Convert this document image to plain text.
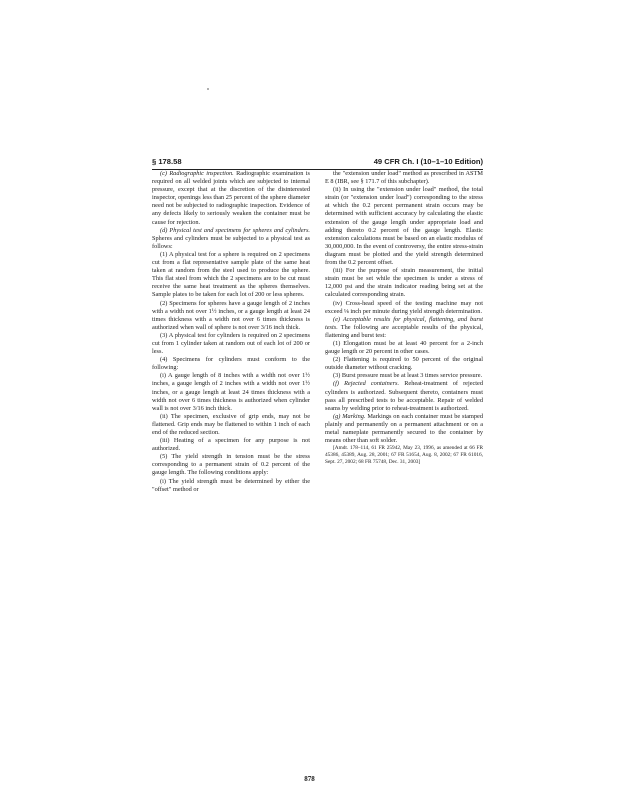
§ 178.58	49 CFR Ch. I (10–1–10 Edition)

(c) Radiographic inspection. Radiographic examination is required on all welded joints which are subjected to internal pressure, except that at the discretion of the disinterested inspector, openings less than 25 percent of the sphere diameter need not be subjected to radiographic inspection. Evidence of any defects likely to seriously weaken the container must be cause for rejection.

(d) Physical test and specimens for spheres and cylinders. Spheres and cylinders must be subjected to a physical test as follows:

(1) A physical test for a sphere is required on 2 specimens cut from a flat representative sample plate of the same heat taken at random from the steel used to produce the sphere. This flat steel from which the 2 specimens are to be cut must receive the same heat treatment as the spheres themselves. Sample plates to be taken for each lot of 200 or less spheres.

(2) Specimens for spheres have a gauge length of 2 inches with a width not over 1½ inches, or a gauge length at least 24 times thickness with a width not over 6 times thickness is authorized when wall of sphere is not over 3/16 inch thick.

(3) A physical test for cylinders is required on 2 specimens cut from 1 cylinder taken at random out of each lot of 200 or less.

(4) Specimens for cylinders must conform to the following:

(i) A gauge length of 8 inches with a width not over 1½ inches, a gauge length of 2 inches with a width not over 1½ inches, or a gauge length at least 24 times thickness with a width not over 6 times thickness is authorized when cylinder wall is not over 3/16 inch thick.

(ii) The specimen, exclusive of grip ends, may not be flattened. Grip ends may be flattened to within 1 inch of each end of the reduced section.

(iii) Heating of a specimen for any purpose is not authorized.

(5) The yield strength in tension must be the stress corresponding to a permanent strain of 0.2 percent of the gauge length. The following conditions apply:

(i) The yield strength must be determined by either the "offset" method or

the "extension under load" method as prescribed in ASTM E 8 (IBR, see § 171.7 of this subchapter).

(ii) In using the "extension under load" method, the total strain (or "extension under load") corresponding to the stress at which the 0.2 percent permanent strain occurs may be determined with sufficient accuracy by calculating the elastic extension of the gauge length under appropriate load and adding thereto 0.2 percent of the gauge length. Elastic extension calculations must be based on an elastic modulus of 30,000,000. In the event of controversy, the entire stress-strain diagram must be plotted and the yield strength determined from the 0.2 percent offset.

(iii) For the purpose of strain measurement, the initial strain must be set while the specimen is under a stress of 12,000 psi and the strain indicator reading being set at the calculated corresponding strain.

(iv) Cross-head speed of the testing machine may not exceed ⅛ inch per minute during yield strength determination.

(e) Acceptable results for physical, flattening, and burst tests. The following are acceptable results of the physical, flattening and burst test:

(1) Elongation must be at least 40 percent for a 2-inch gauge length or 20 percent in other cases.

(2) Flattening is required to 50 percent of the original outside diameter without cracking.

(3) Burst pressure must be at least 3 times service pressure.

(f) Rejected containers. Reheat-treatment of rejected cylinders is authorized. Subsequent thereto, containers must pass all prescribed tests to be acceptable. Repair of welded seams by welding prior to reheat-treatment is authorized.

(g) Marking. Markings on each container must be stamped plainly and permanently on a permanent attachment or on a metal nameplate permanently secured to the container by means other than soft solder.

[Amdt. 178–114, 61 FR 25942, May 23, 1996, as amended at 66 FR 45386, 45389, Aug. 28, 2001; 67 FR 51654, Aug. 8, 2002; 67 FR 61016, Sept. 27, 2002; 68 FR 75748, Dec. 31, 2003]

878
